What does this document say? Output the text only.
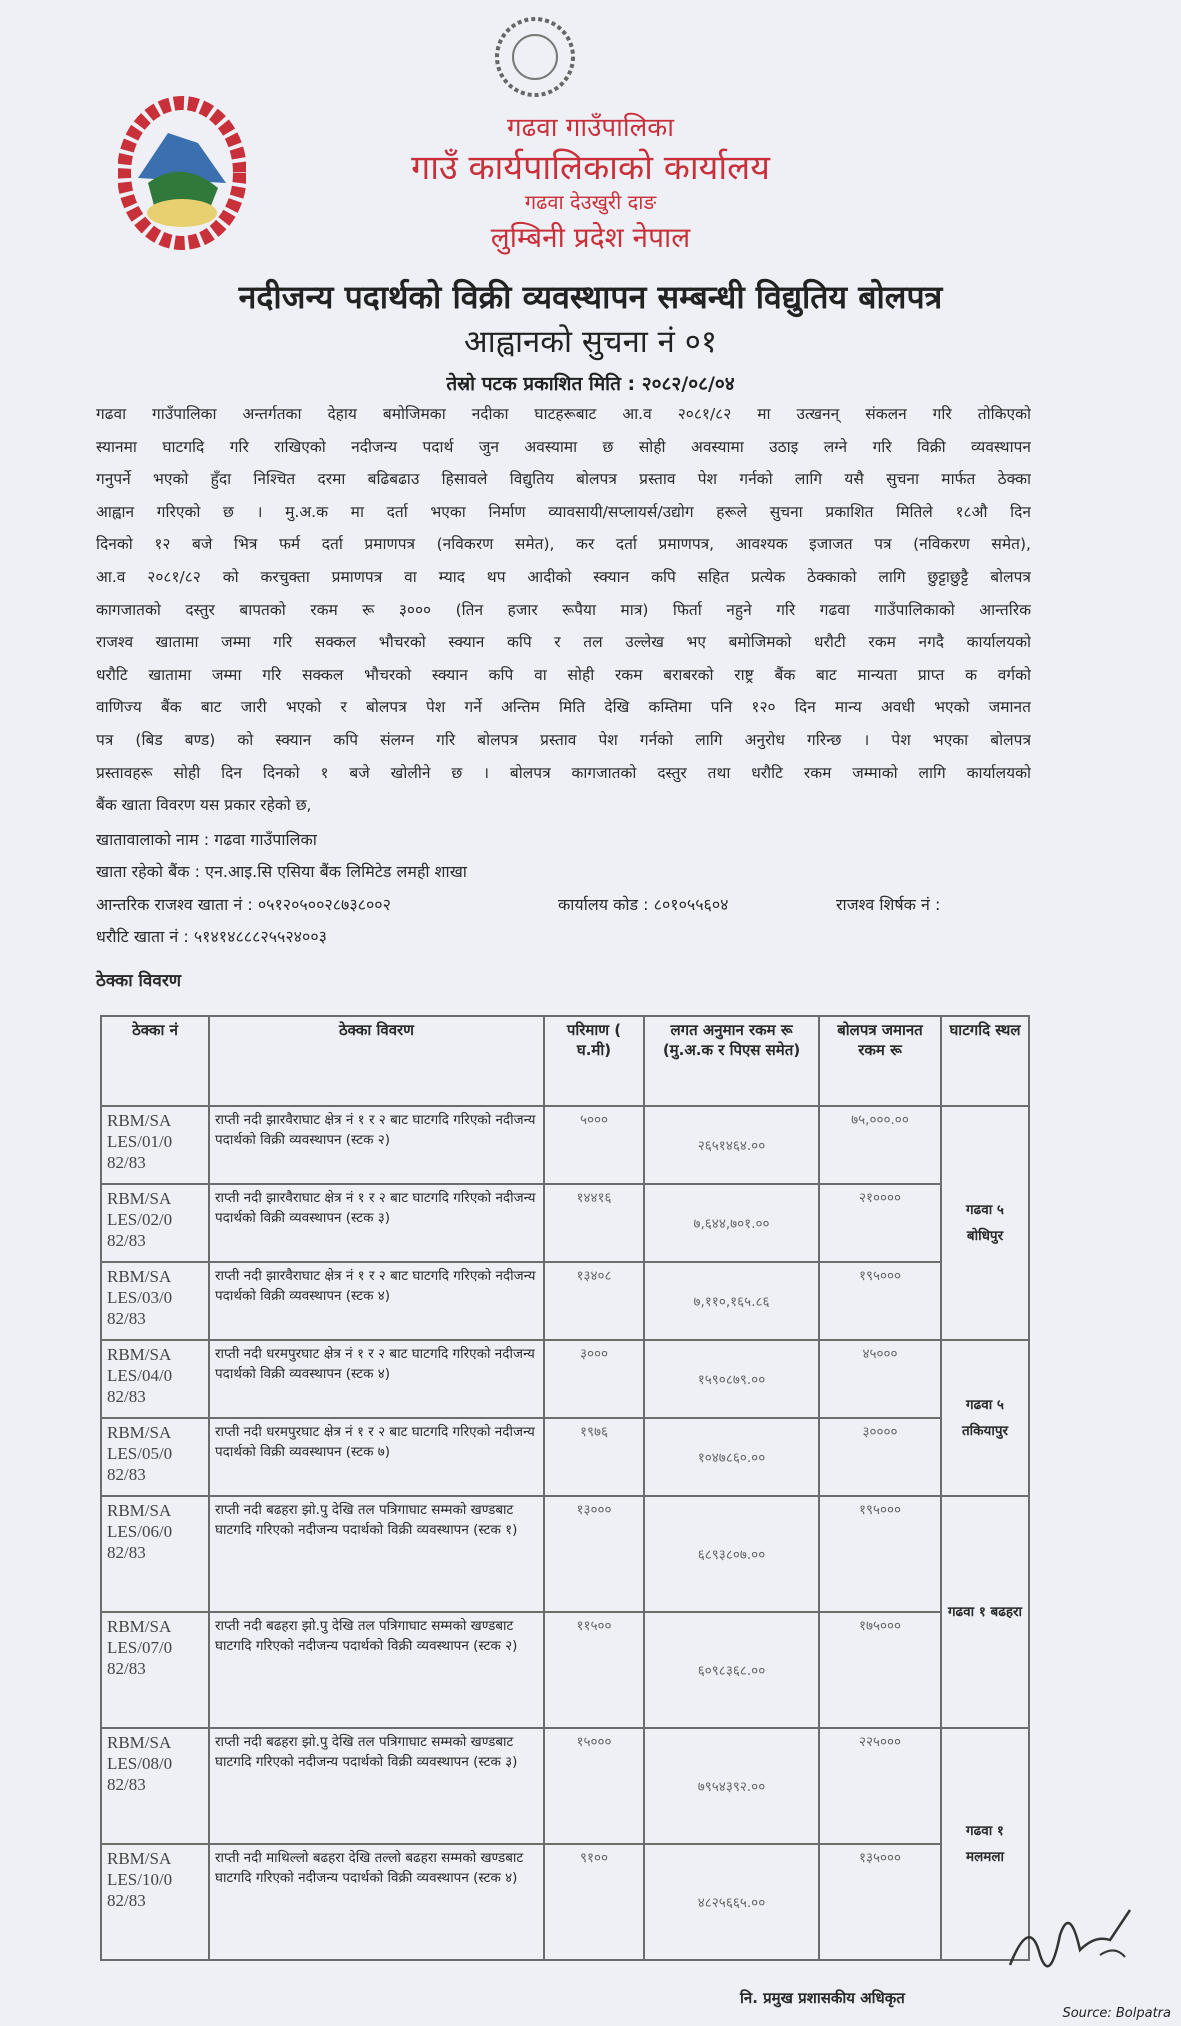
गढवा गाउँपालिका
गाउँ कार्यपालिकाको कार्यालय
गढवा देउखुरी दाङ
लुम्बिनी प्रदेश नेपाल
नदीजन्य पदार्थको विक्री व्यवस्थापन सम्बन्धी विद्युतिय बोलपत्र
आह्वानको सुचना नं ०१
तेस्रो पटक प्रकाशित मिति : २०८२/०८/०४
गढवा गाउँपालिका अन्तर्गतका देहाय बमोजिमका नदीका घाटहरूबाट आ.व २०८१/८२ मा उत्खनन् संकलन गरि तोकिएको
स्यानमा घाटगदि गरि राखिएको नदीजन्य पदार्थ जुन अवस्यामा छ सोही अवस्यामा उठाइ लग्ने गरि विक्री व्यवस्थापन
गनुपर्ने भएको हुँदा निश्चित दरमा बढिबढाउ हिसावले विद्युतिय बोलपत्र प्रस्ताव पेश गर्नको लागि यसै सुचना मार्फत ठेक्का
आह्वान गरिएको छ । मु.अ.क मा दर्ता भएका निर्माण व्यावसायी/सप्लायर्स/उद्योग हरूले सुचना प्रकाशित मितिले १८औ दिन
दिनको १२ बजे भित्र फर्म दर्ता प्रमाणपत्र (नविकरण समेत), कर दर्ता प्रमाणपत्र, आवश्यक इजाजत पत्र (नविकरण समेत),
आ.व २०८१/८२ को करचुक्ता प्रमाणपत्र वा म्याद थप आदीको स्क्यान कपि सहित प्रत्येक ठेक्काको लागि छुट्टाछुट्टै बोलपत्र
कागजातको दस्तुर बापतको रकम रू ३००० (तिन हजार रूपैया मात्र) फिर्ता नहुने गरि गढवा गाउँपालिकाको आन्तरिक
राजश्व खातामा जम्मा गरि सक्कल भौचरको स्क्यान कपि र तल उल्लेख भए बमोजिमको धरौटी रकम नगदै कार्यालयको
धरौटि खातामा जम्मा गरि सक्कल भौचरको स्क्यान कपि वा सोही रकम बराबरको राष्ट्र बैंक बाट मान्यता प्राप्त क वर्गको
वाणिज्य बैंक बाट जारी भएको र बोलपत्र पेश गर्ने अन्तिम मिति देखि कम्तिमा पनि १२० दिन मान्य अवधी भएको जमानत
पत्र (बिड बण्ड) को स्क्यान कपि संलग्न गरि बोलपत्र प्रस्ताव पेश गर्नको लागि अनुरोध गरिन्छ । पेश भएका बोलपत्र
प्रस्तावहरू सोही दिन दिनको १ बजे खोलीने छ । बोलपत्र कागजातको दस्तुर तथा धरौटि रकम जम्माको लागि कार्यालयको
बैंक खाता विवरण यस प्रकार रहेको छ,
खातावालाको नाम : गढवा गाउँपालिका
खाता रहेको बैंक : एन.आइ.सि एसिया बैंक लिमिटेड लमही शाखा
आन्तरिक राजश्व खाता नं : ०५१२०५००२८७३८००२	कार्यालय कोड : ८०१०५५६०४	राजश्व शिर्षक नं :
धरौटि खाता नं : ५१४१४८८८२५५२४००३
ठेक्का विवरण
ठेक्का नं	ठेक्का विवरण	परिमाण ( घ.मी)	लगत अनुमान रकम रू (मु.अ.क र पिएस समेत)	बोलपत्र जमानत रकम रू	घाटगदि स्थल
RBM/SA LES/01/0 82/83	राप्ती नदी झारवैराघाट क्षेत्र नं १ र २ बाट घाटगदि गरिएको नदीजन्य पदार्थको विक्री व्यवस्थापन (स्टक २)	५०००	२६५१४६४.००	७५,०००.००	गढवा ५ बोधिपुर
RBM/SA LES/02/0 82/83	राप्ती नदी झारवैराघाट क्षेत्र नं १ र २ बाट घाटगदि गरिएको नदीजन्य पदार्थको विक्री व्यवस्थापन (स्टक ३)	१४४१६	७,६४४,७०१.००	२१००००	
RBM/SA LES/03/0 82/83	राप्ती नदी झारवैराघाट क्षेत्र नं १ र २ बाट घाटगदि गरिएको नदीजन्य पदार्थको विक्री व्यवस्थापन (स्टक ४)	१३४०८	७,११०,१६५.८६	१९५०००	
RBM/SA LES/04/0 82/83	राप्ती नदी धरमपुरघाट क्षेत्र नं १ र २ बाट घाटगदि गरिएको नदीजन्य पदार्थको विक्री व्यवस्थापन (स्टक ४)	३०००	१५९०८७९.००	४५०००	गढवा ५ तकियापुर
RBM/SA LES/05/0 82/83	राप्ती नदी धरमपुरघाट क्षेत्र नं १ र २ बाट घाटगदि गरिएको नदीजन्य पदार्थको विक्री व्यवस्थापन (स्टक ७)	१९७६	१०४७८६०.००	३००००	
RBM/SA LES/06/0 82/83	राप्ती नदी बढहरा झो.पु देखि तल पत्रिगाघाट सम्मको खण्डबाट घाटगदि गरिएको नदीजन्य पदार्थको विक्री व्यवस्थापन (स्टक १)	१३०००	६८९३८०७.००	१९५०००	गढवा १ बढहरा
RBM/SA LES/07/0 82/83	राप्ती नदी बढहरा झो.पु देखि तल पत्रिगाघाट सम्मको खण्डबाट घाटगदि गरिएको नदीजन्य पदार्थको विक्री व्यवस्थापन (स्टक २)	११५००	६०९८३६८.००	१७५०००	
RBM/SA LES/08/0 82/83	राप्ती नदी बढहरा झो.पु देखि तल पत्रिगाघाट सम्मको खण्डबाट घाटगदि गरिएको नदीजन्य पदार्थको विक्री व्यवस्थापन (स्टक ३)	१५०००	७९५४३९२.००	२२५०००	गढवा १ मलमला
RBM/SA LES/10/0 82/83	राप्ती नदी माथिल्लो बढहरा देखि तल्लो बढहरा सम्मको खण्डबाट घाटगदि गरिएको नदीजन्य पदार्थको विक्री व्यवस्थापन (स्टक ४)	९१००	४८२५६६५.००	१३५०००	
नि. प्रमुख प्रशासकीय अधिकृत
Source: Bolpatra
